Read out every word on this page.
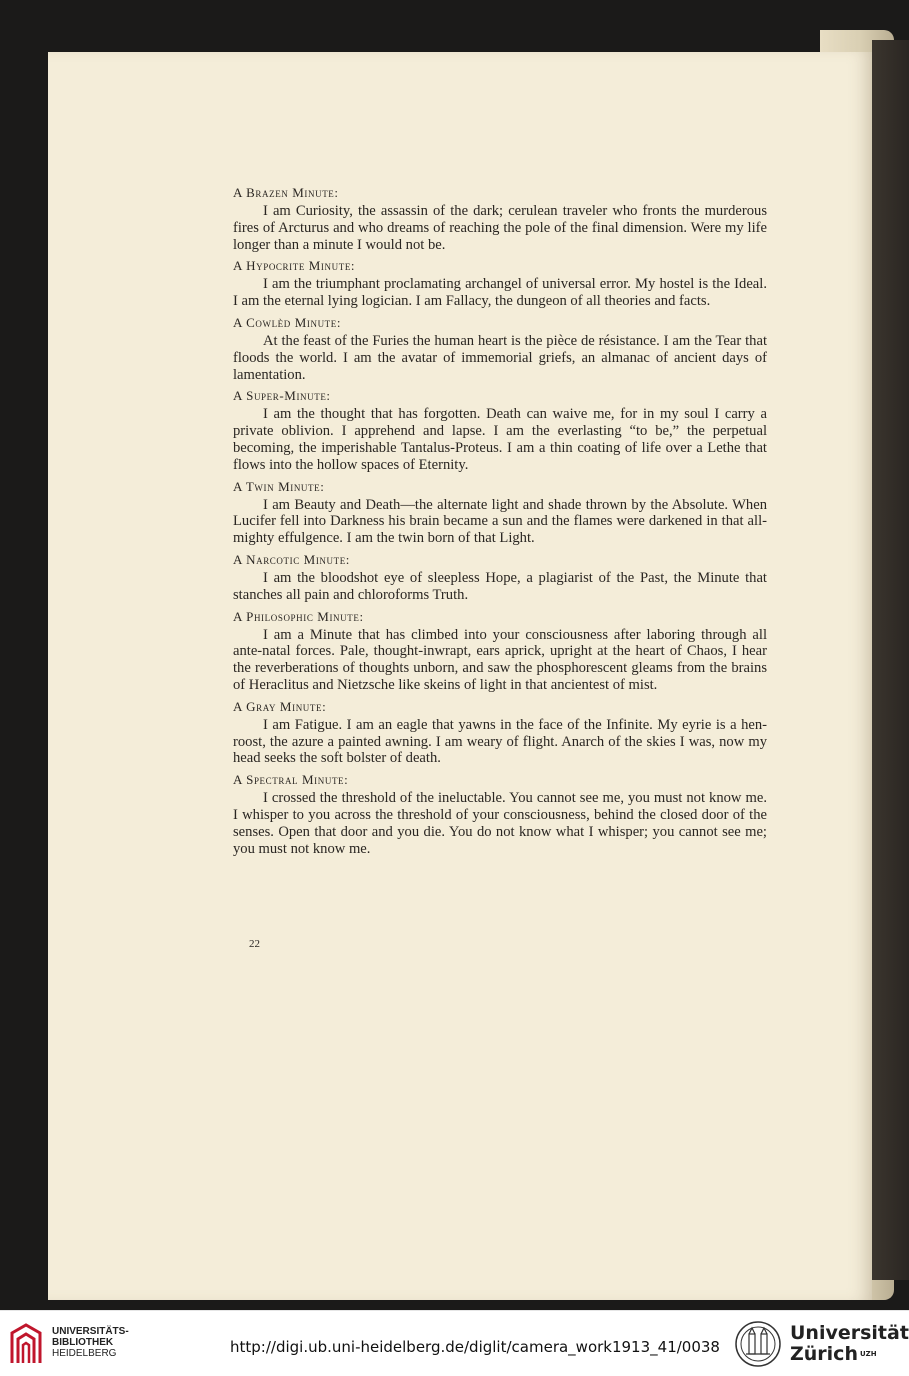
A Brazen Minute:

I am Curiosity, the assassin of the dark; cerulean traveler who fronts the murderous fires of Arcturus and who dreams of reaching the pole of the final dimension. Were my life longer than a minute I would not be.

A Hypocrite Minute:

I am the triumphant proclamating archangel of universal error. My hostel is the Ideal. I am the eternal lying logician. I am Fallacy, the dungeon of all theories and facts.

A Cowlèd Minute:

At the feast of the Furies the human heart is the pièce de résistance. I am the Tear that floods the world. I am the avatar of immemorial griefs, an almanac of ancient days of lamentation.

A Super-Minute:

I am the thought that has forgotten. Death can waive me, for in my soul I carry a private oblivion. I apprehend and lapse. I am the everlasting “to be,” the perpetual becoming, the imperishable Tantalus-Proteus. I am a thin coating of life over a Lethe that flows into the hollow spaces of Eternity.

A Twin Minute:

I am Beauty and Death—the alternate light and shade thrown by the Absolute. When Lucifer fell into Darkness his brain became a sun and the flames were darkened in that all-mighty effulgence. I am the twin born of that Light.

A Narcotic Minute:

I am the bloodshot eye of sleepless Hope, a plagiarist of the Past, the Minute that stanches all pain and chloroforms Truth.

A Philosophic Minute:

I am a Minute that has climbed into your consciousness after laboring through all ante-natal forces. Pale, thought-inwrapt, ears aprick, upright at the heart of Chaos, I hear the reverberations of thoughts unborn, and saw the phosphorescent gleams from the brains of Heraclitus and Nietzsche like skeins of light in that ancientest of mist.

A Gray Minute:

I am Fatigue. I am an eagle that yawns in the face of the Infinite. My eyrie is a hen-roost, the azure a painted awning. I am weary of flight. Anarch of the skies I was, now my head seeks the soft bolster of death.

A Spectral Minute:

I crossed the threshold of the ineluctable. You cannot see me, you must not know me. I whisper to you across the threshold of your consciousness, behind the closed door of the senses. Open that door and you die. You do not know what I whisper; you cannot see me; you must not know me.

22
UNIVERSITÄTS-
BIBLIOTHEK
HEIDELBERG	http://digi.ub.uni-heidelberg.de/diglit/camera_work1913_41/0038
Universität
Zürich $^{UZH}$
